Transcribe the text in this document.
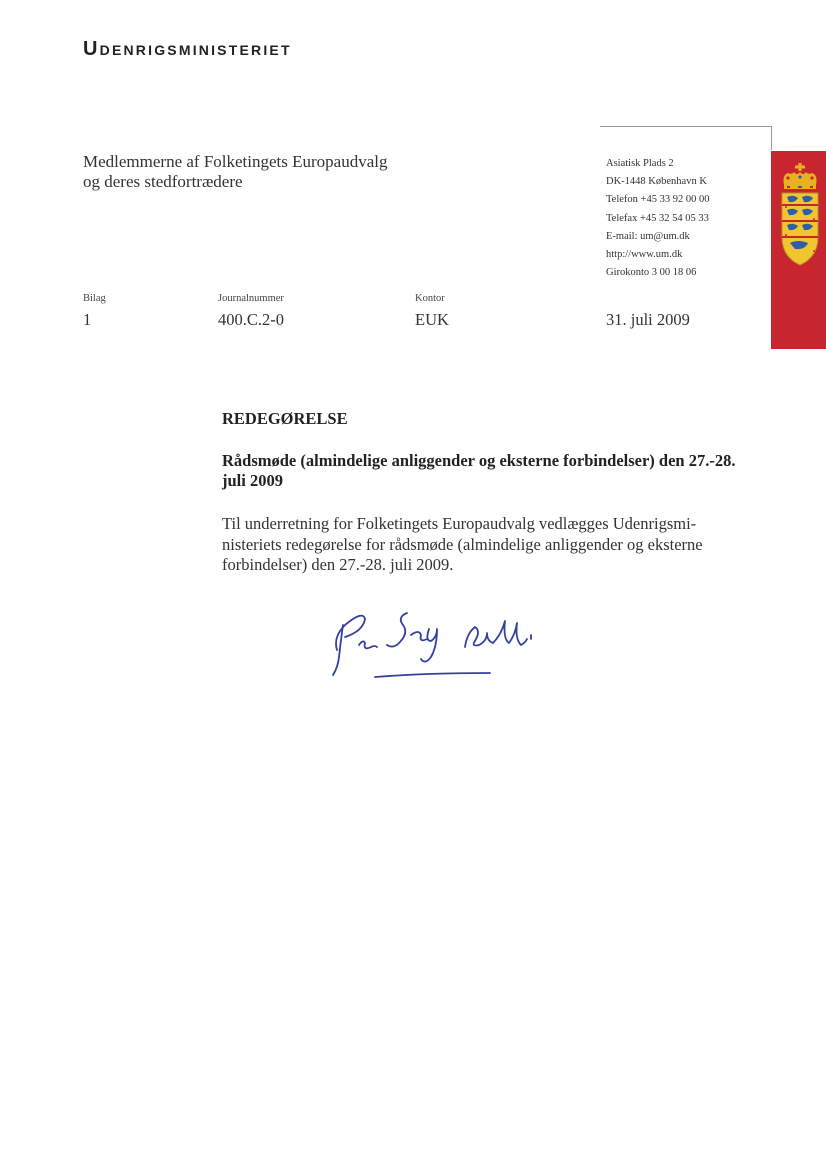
Udenrigsministeriet
Medlemmerne af Folketingets Europaudvalg
og deres stedfortrædere
Asiatisk Plads 2
DK-1448 København K
Telefon +45 33 92 00 00
Telefax +45 32 54 05 33
E-mail: um@um.dk
http://www.um.dk
Girokonto 3 00 18 06
Bilag
1
Journalnummer
400.C.2-0
Kontor
EUK	31. juli 2009
REDEGØRELSE
Rådsmøde (almindelige anliggender og eksterne forbindelser) den 27.-28. juli 2009
Til underretning for Folketingets Europaudvalg vedlægges Udenrigsmi-
nisteriets redegørelse for rådsmøde (almindelige anliggender og eksterne
forbindelser) den 27.-28. juli 2009.
